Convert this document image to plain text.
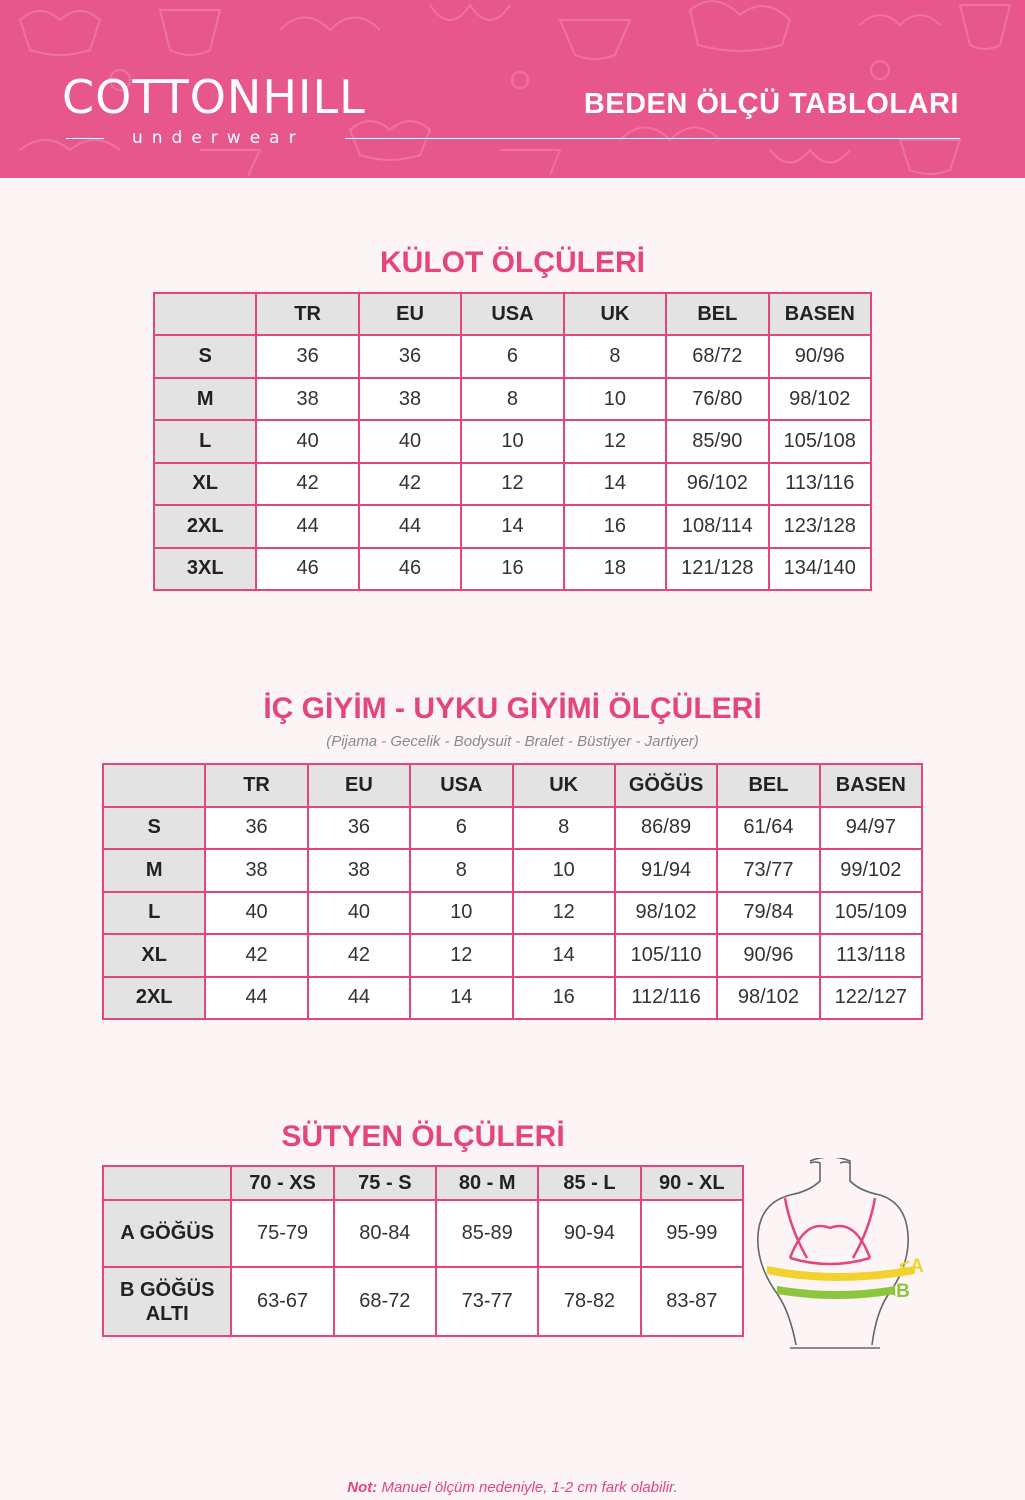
COTTONHILL
underwear
BEDEN ÖLÇÜ TABLOLARI
KÜLOT ÖLÇÜLERİ
	TR	EU	USA	UK	BEL	BASEN
S	36	36	6	8	68/72	90/96
M	38	38	8	10	76/80	98/102
L	40	40	10	12	85/90	105/108
XL	42	42	12	14	96/102	113/116
2XL	44	44	14	16	108/114	123/128
3XL	46	46	16	18	121/128	134/140
İÇ GİYİM - UYKU GİYİMİ ÖLÇÜLERİ
(Pijama - Gecelik - Bodysuit - Bralet - Büstiyer - Jartiyer)
	TR	EU	USA	UK	GÖĞÜS	BEL	BASEN
S	36	36	6	8	86/89	61/64	94/97
M	38	38	8	10	91/94	73/77	99/102
L	40	40	10	12	98/102	79/84	105/109
XL	42	42	12	14	105/110	90/96	113/118
2XL	44	44	14	16	112/116	98/102	122/127
SÜTYEN ÖLÇÜLERİ
	70 - XS	75 - S	80 - M	85 - L	90 - XL
A GÖĞÜS	75-79	80-84	85-89	90-94	95-99

B GÖĞÜS
ALTI	63-67	68-72	73-77	78-82	83-87
<A
<B
Not: Manuel ölçüm nedeniyle, 1-2 cm fark olabilir.
